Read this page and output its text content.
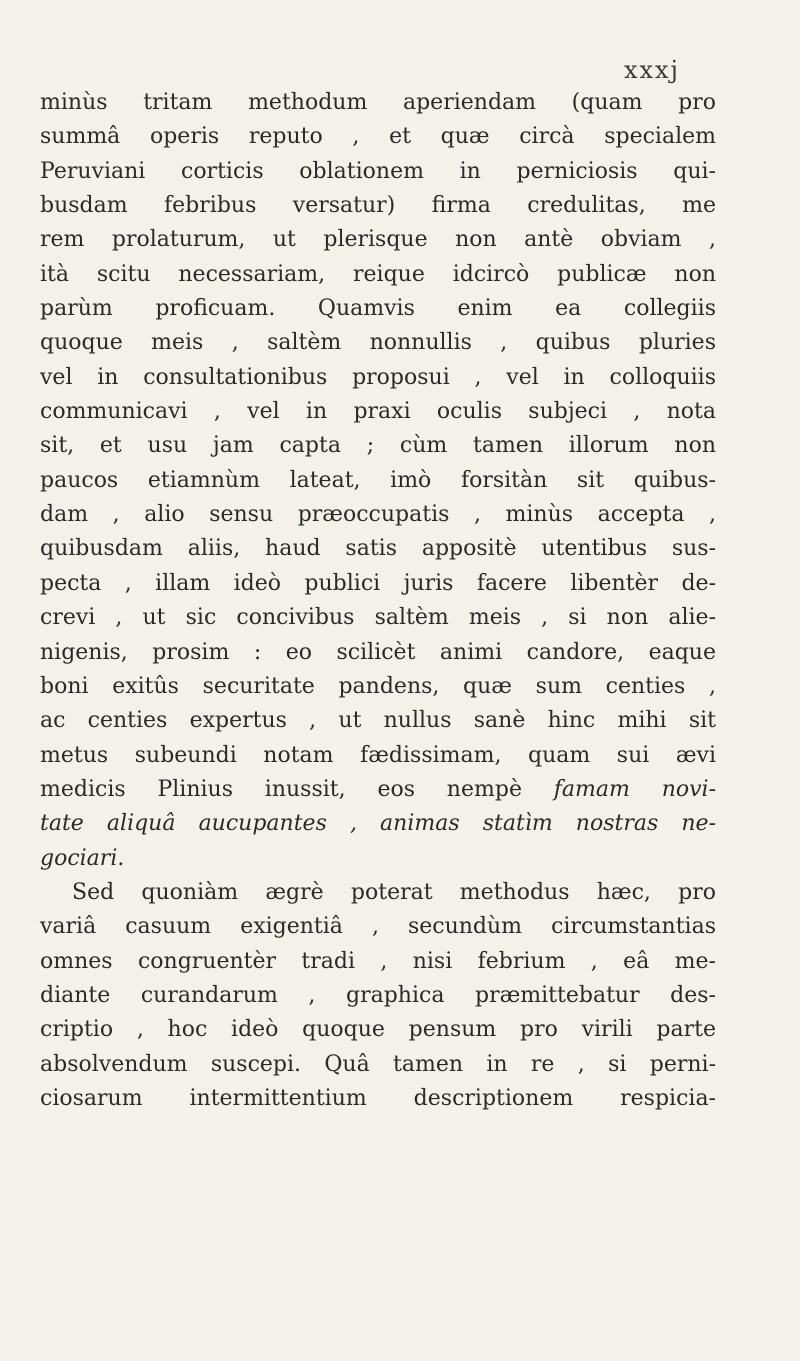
xxxj
minùs tritam methodum aperiendam (quam pro
summâ operis reputo , et quæ circà specialem
Peruviani corticis oblationem in perniciosis qui-
busdam febribus versatur) firma credulitas, me
rem prolaturum, ut plerisque non antè obviam ,
ità scitu necessariam, reique idcircò publicæ non
parùm proficuam. Quamvis enim ea collegiis
quoque meis , saltèm nonnullis , quibus pluries
vel in consultationibus proposui , vel in colloquiis
communicavi , vel in praxi oculis subjeci , nota
sit, et usu jam capta ; cùm tamen illorum non
paucos etiamnùm lateat, imò forsitàn sit quibus-
dam , alio sensu præoccupatis , minùs accepta ,
quibusdam aliis, haud satis appositè utentibus sus-
pecta , illam ideò publici juris facere libentèr de-
crevi , ut sic concivibus saltèm meis , si non alie-
nigenis, prosim : eo scilicèt animi candore, eaque
boni exitûs securitate pandens, quæ sum centies ,
ac centies expertus , ut nullus sanè hinc mihi sit
metus subeundi notam fædissimam, quam sui ævi
medicis Plinius inussit, eos nempè famam novi-
tate aliquâ aucupantes , animas statìm nostras ne-
gociari.
Sed quoniàm ægrè poterat methodus hæc, pro
variâ casuum exigentiâ , secundùm circumstantias
omnes congruentèr tradi , nisi febrium , eâ me-
diante curandarum , graphica præmittebatur des-
criptio , hoc ideò quoque pensum pro virili parte
absolvendum suscepi. Quâ tamen in re , si perni-
ciosarum intermittentium descriptionem respicia-
